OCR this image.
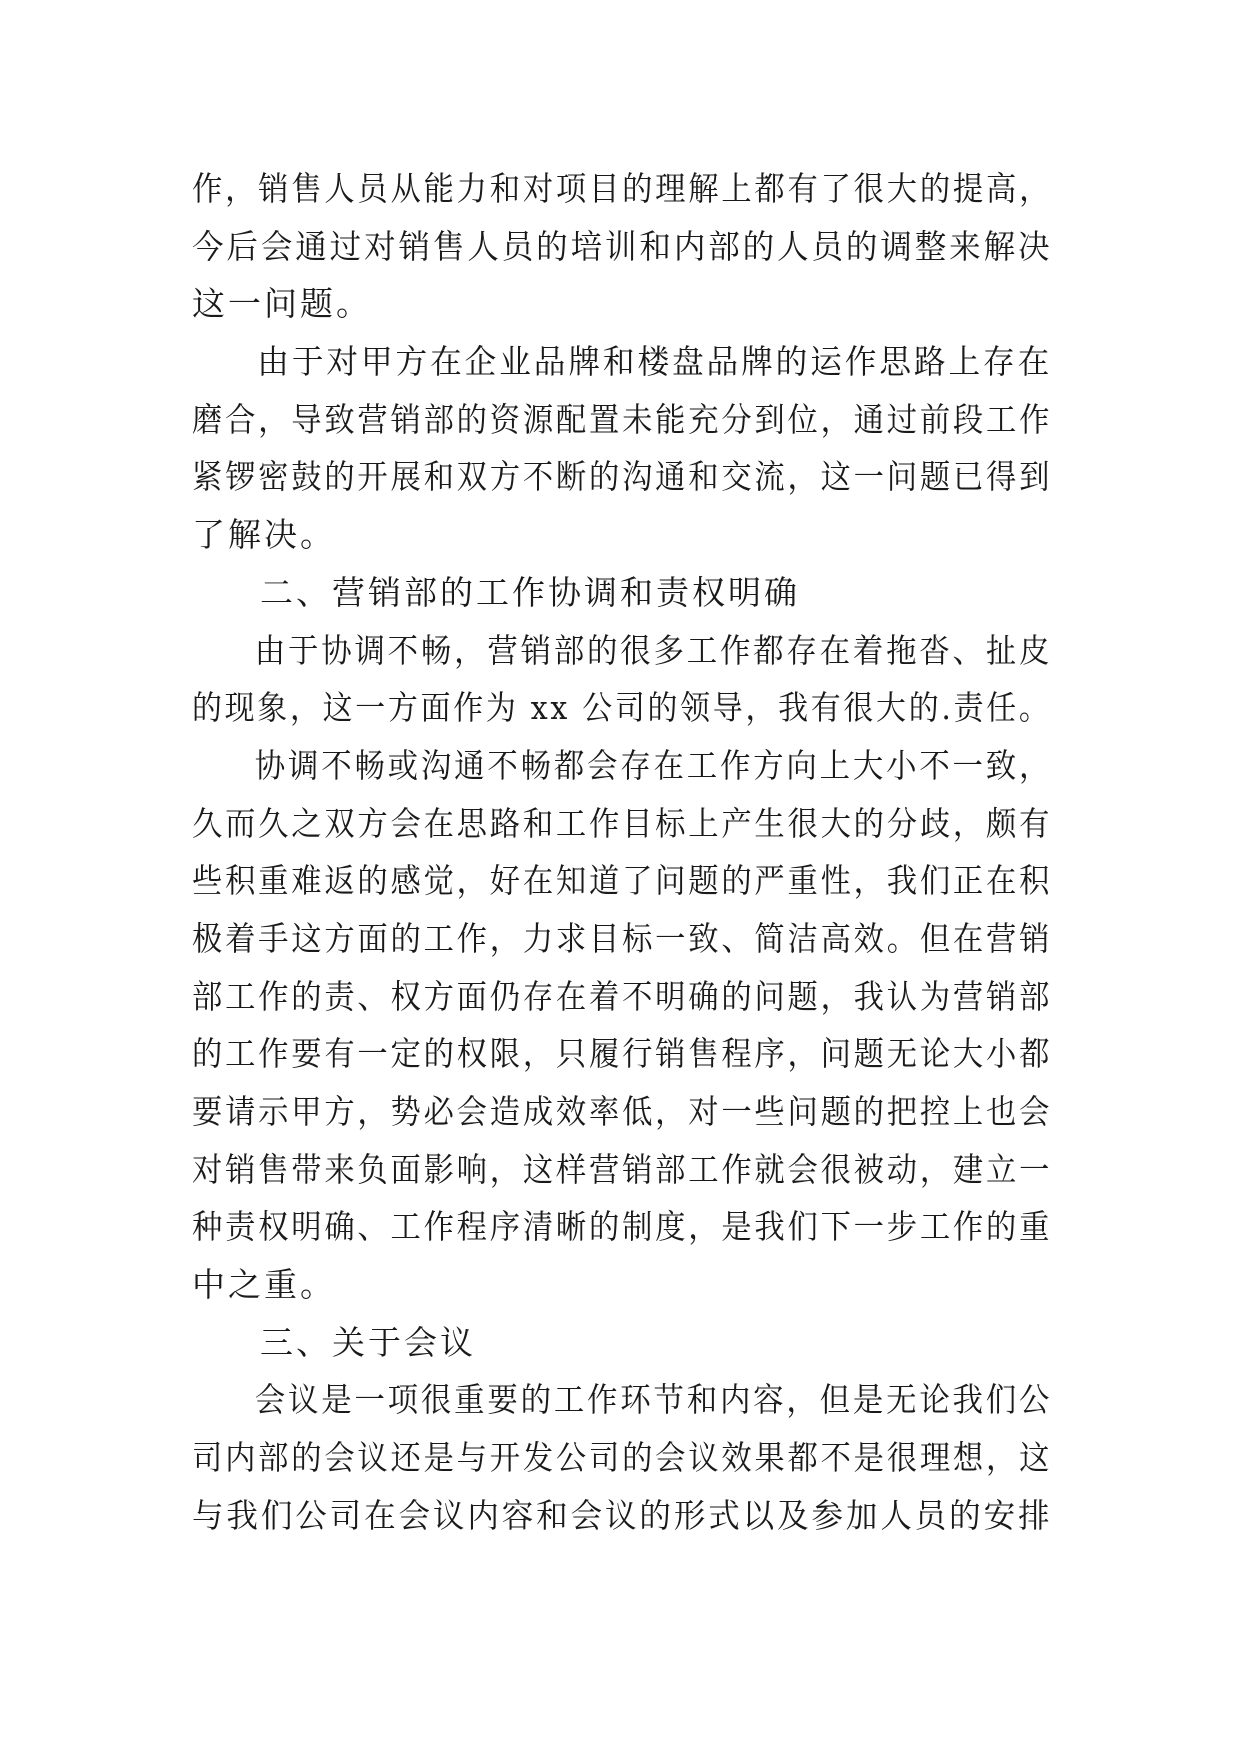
作，销售人员从能力和对项目的理解上都有了很大的提高，
今后会通过对销售人员的培训和内部的人员的调整来解决
这一问题。
由于对甲方在企业品牌和楼盘品牌的运作思路上存在
磨合，导致营销部的资源配置未能充分到位，通过前段工作
紧锣密鼓的开展和双方不断的沟通和交流，这一问题已得到
了解决。
二、营销部的工作协调和责权明确
由于协调不畅，营销部的很多工作都存在着拖沓、扯皮
的现象，这一方面作为 xx 公司的领导，我有很大的.责任。
协调不畅或沟通不畅都会存在工作方向上大小不一致，
久而久之双方会在思路和工作目标上产生很大的分歧，颇有
些积重难返的感觉，好在知道了问题的严重性，我们正在积
极着手这方面的工作，力求目标一致、简洁高效。但在营销
部工作的责、权方面仍存在着不明确的问题，我认为营销部
的工作要有一定的权限，只履行销售程序，问题无论大小都
要请示甲方，势必会造成效率低，对一些问题的把控上也会
对销售带来负面影响，这样营销部工作就会很被动，建立一
种责权明确、工作程序清晰的制度，是我们下一步工作的重
中之重。
三、关于会议
会议是一项很重要的工作环节和内容，但是无论我们公
司内部的会议还是与开发公司的会议效果都不是很理想，这
与我们公司在会议内容和会议的形式以及参加人员的安排
